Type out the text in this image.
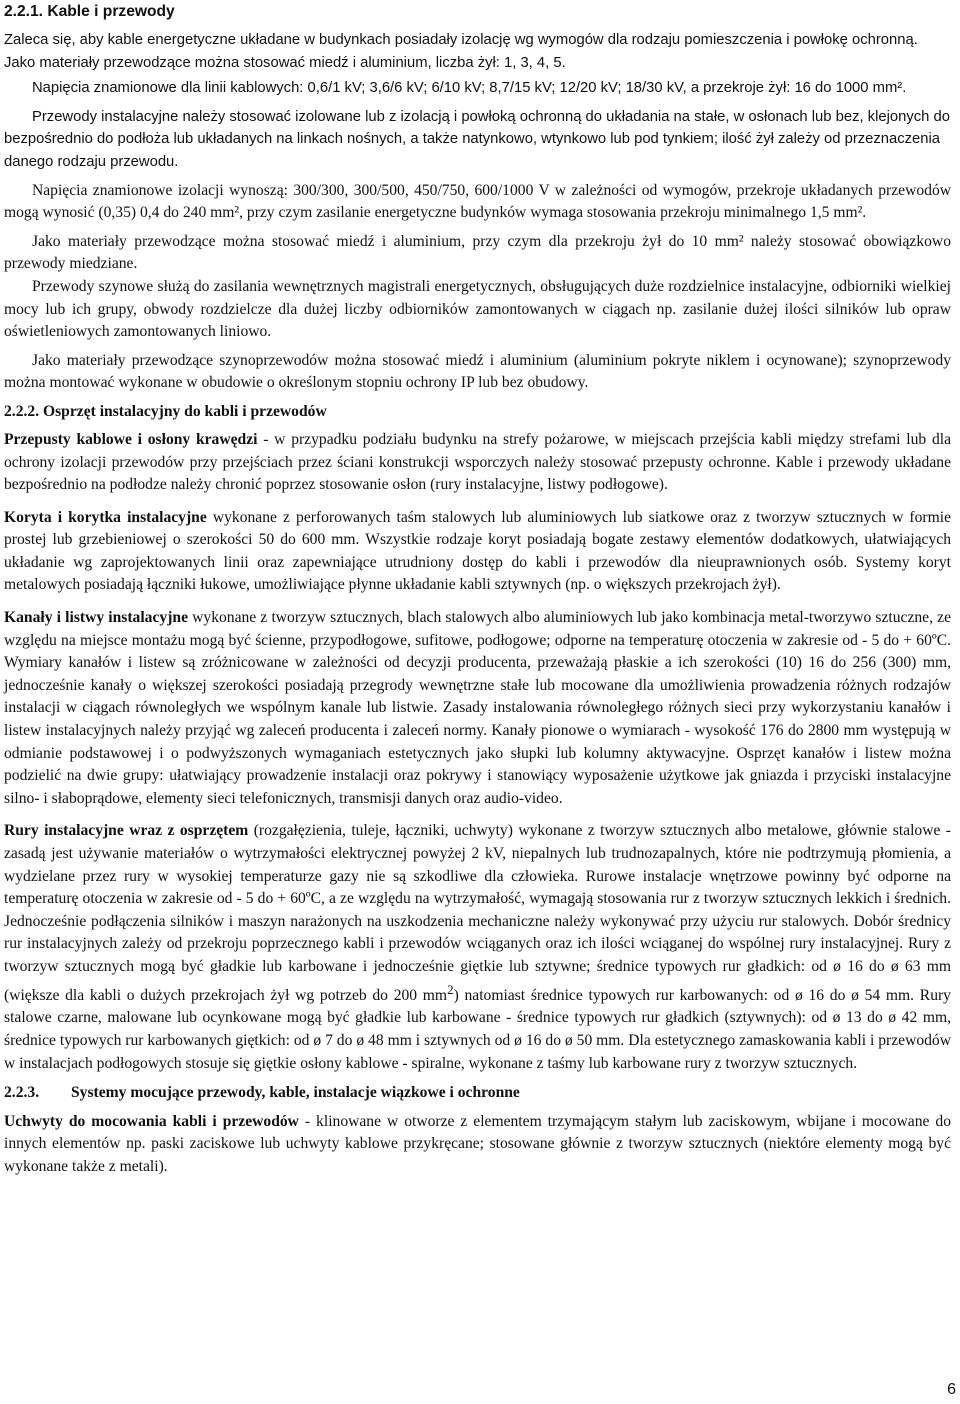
2.2.1. Kable i przewody

Zaleca się, aby kable energetyczne układane w budynkach posiadały izolację wg wymogów dla rodzaju pomieszczenia i powłokę ochronną.

Jako materiały przewodzące można stosować miedź i aluminium, liczba żył: 1, 3, 4, 5.

Napięcia znamionowe dla linii kablowych: 0,6/1 kV; 3,6/6 kV; 6/10 kV; 8,7/15 kV; 12/20 kV; 18/30 kV, a przekroje żył: 16 do 1000 mm².

Przewody instalacyjne należy stosować izolowane lub z izolacją i powłoką ochronną do układania na stałe, w osłonach lub bez, klejonych do bezpośrednio do podłoża lub układanych na linkach nośnych, a także natynkowo, wtynkowo lub pod tynkiem; ilość żył zależy od przeznaczenia danego rodzaju przewodu.

Napięcia znamionowe izolacji wynoszą: 300/300, 300/500, 450/750, 600/1000 V w zależności od wymogów, przekroje układanych przewodów mogą wynosić (0,35) 0,4 do 240 mm², przy czym zasilanie energetyczne budynków wymaga stosowania przekroju minimalnego 1,5 mm².

Jako materiały przewodzące można stosować miedź i aluminium, przy czym dla przekroju żył do 10 mm² należy stosować obowiązkowo przewody miedziane.

Przewody szynowe służą do zasilania wewnętrznych magistrali energetycznych, obsługujących duże rozdzielnice instalacyjne, odbiorniki wielkiej mocy lub ich grupy, obwody rozdzielcze dla dużej liczby odbiorników zamontowanych w ciągach np. zasilanie dużej ilości silników lub opraw oświetleniowych zamontowanych liniowo.

Jako materiały przewodzące szynoprzewodów można stosować miedź i aluminium (aluminium pokryte niklem i ocynowane); szynoprzewody można montować wykonane w obudowie o określonym stopniu ochrony IP lub bez obudowy.

2.2.2. Osprzęt instalacyjny do kabli i przewodów

Przepusty kablowe i osłony krawędzi - w przypadku podziału budynku na strefy pożarowe, w miejscach przejścia kabli między strefami lub dla ochrony izolacji przewodów przy przejściach przez ściani konstrukcji wsporczych należy stosować przepusty ochronne. Kable i przewody układane bezpośrednio na podłodze należy chronić poprzez stosowanie osłon (rury instalacyjne, listwy podłogowe).

Koryta i korytka instalacyjne wykonane z perforowanych taśm stalowych lub aluminiowych lub siatkowe oraz z tworzyw sztucznych w formie prostej lub grzebieniowej o szerokości 50 do 600 mm. Wszystkie rodzaje koryt posiadają bogate zestawy elementów dodatkowych, ułatwiających układanie wg zaprojektowanych linii oraz zapewniające utrudniony dostęp do kabli i przewodów dla nieuprawnionych osób. Systemy koryt metalowych posiadają łączniki łukowe, umożliwiające płynne układanie kabli sztywnych (np. o większych przekrojach żył).

Kanały i listwy instalacyjne wykonane z tworzyw sztucznych, blach stalowych albo aluminiowych lub jako kombinacja metal-tworzywo sztuczne, ze względu na miejsce montażu mogą być ścienne, przypodłogowe, sufitowe, podłogowe; odporne na temperaturę otoczenia w zakresie od - 5 do + 60ºC. Wymiary kanałów i listew są zróżnicowane w zależności od decyzji producenta, przeważają płaskie a ich szerokości (10) 16 do 256 (300) mm, jednocześnie kanały o większej szerokości posiadają przegrody wewnętrzne stałe lub mocowane dla umożliwienia prowadzenia różnych rodzajów instalacji w ciągach równoległych we wspólnym kanale lub listwie. Zasady instalowania równoległego różnych sieci przy wykorzystaniu kanałów i listew instalacyjnych należy przyjąć wg zaleceń producenta i zaleceń normy. Kanały pionowe o wymiarach - wysokość 176 do 2800 mm występują w odmianie podstawowej i o podwyższonych wymaganiach estetycznych jako słupki lub kolumny aktywacyjne. Osprzęt kanałów i listew można podzielić na dwie grupy: ułatwiający prowadzenie instalacji oraz pokrywy i stanowiący wyposażenie użytkowe jak gniazda i przyciski instalacyjne silno- i słaboprądowe, elementy sieci telefonicznych, transmisji danych oraz audio-video.

Rury instalacyjne wraz z osprzętem (rozgałęzienia, tuleje, łączniki, uchwyty) wykonane z tworzyw sztucznych albo metalowe, głównie stalowe - zasadą jest używanie materiałów o wytrzymałości elektrycznej powyżej 2 kV, niepalnych lub trudnozapalnych, które nie podtrzymują płomienia, a wydzielane przez rury w wysokiej temperaturze gazy nie są szkodliwe dla człowieka. Rurowe instalacje wnętrzowe powinny być odporne na temperaturę otoczenia w zakresie od - 5 do + 60ºC, a ze względu na wytrzymałość, wymagają stosowania rur z tworzyw sztucznych lekkich i średnich. Jednocześnie podłączenia silników i maszyn narażonych na uszkodzenia mechaniczne należy wykonywać przy użyciu rur stalowych. Dobór średnicy rur instalacyjnych zależy od przekroju poprzecznego kabli i przewodów wciąganych oraz ich ilości wciąganej do wspólnej rury instalacyjnej. Rury z tworzyw sztucznych mogą być gładkie lub karbowane i jednocześnie giętkie lub sztywne; średnice typowych rur gładkich: od ø 16 do ø 63 mm (większe dla kabli o dużych przekrojach żył wg potrzeb do 200 $mm^2$) natomiast średnice typowych rur karbowanych: od ø 16 do ø 54 mm. Rury stalowe czarne, malowane lub ocynkowane mogą być gładkie lub karbowane - średnice typowych rur gładkich (sztywnych): od ø 13 do ø 42 mm, średnice typowych rur karbowanych giętkich: od ø 7 do ø 48 mm i sztywnych od ø 16 do ø 50 mm. Dla estetycznego zamaskowania kabli i przewodów w instalacjach podłogowych stosuje się giętkie osłony kablowe - spiralne, wykonane z taśmy lub karbowane rury z tworzyw sztucznych.

2.2.3.	Systemy mocujące przewody, kable, instalacje wiązkowe i ochronne

Uchwyty do mocowania kabli i przewodów - klinowane w otworze z elementem trzymającym stałym lub zaciskowym, wbijane i mocowane do innych elementów np. paski zaciskowe lub uchwyty kablowe przykręcane; stosowane głównie z tworzyw sztucznych (niektóre elementy mogą być wykonane także z metali).

6
